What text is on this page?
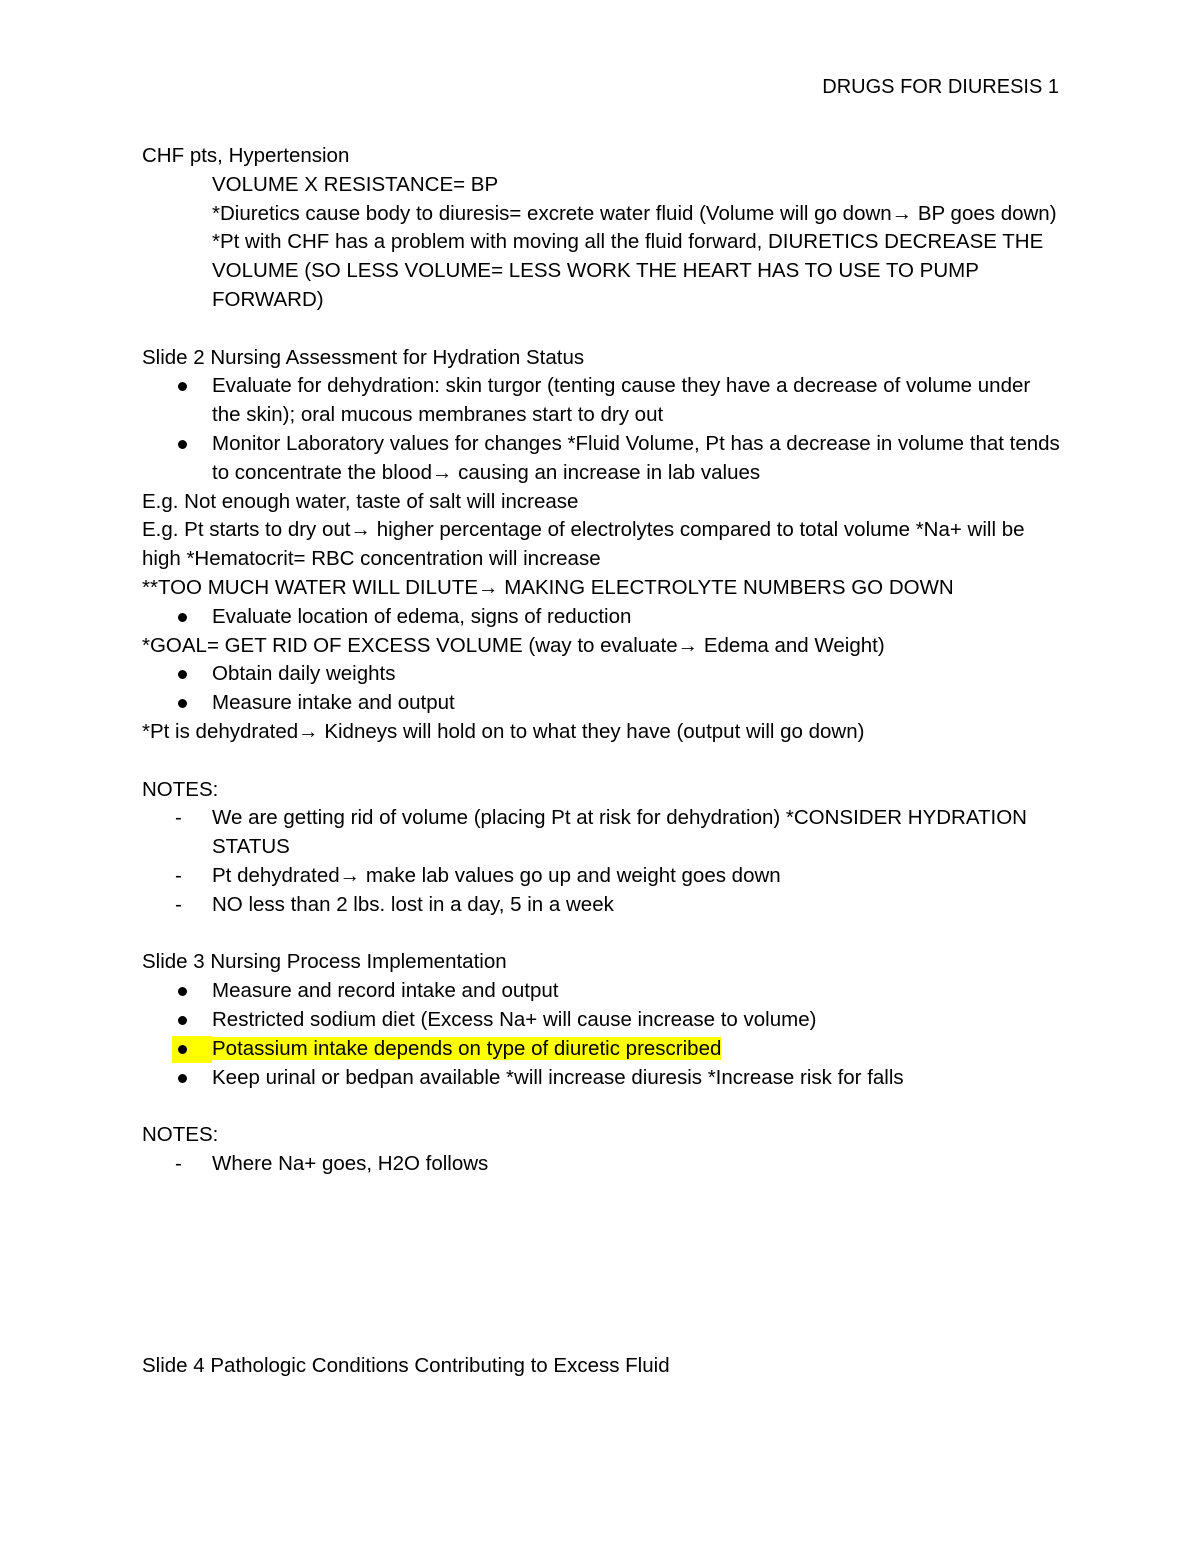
DRUGS FOR DIURESIS 1

CHF pts, Hypertension

VOLUME X RESISTANCE= BP

*Diuretics cause body to diuresis= excrete water fluid (Volume will go down→ BP goes down)

*Pt with CHF has a problem with moving all the fluid forward, DIURETICS DECREASE THE VOLUME (SO LESS VOLUME= LESS WORK THE HEART HAS TO USE TO PUMP FORWARD)

Slide 2 Nursing Assessment for Hydration Status

Evaluate for dehydration: skin turgor (tenting cause they have a decrease of volume under the skin); oral mucous membranes start to dry out
Monitor Laboratory values for changes *Fluid Volume, Pt has a decrease in volume that tends to concentrate the blood→ causing an increase in lab values

E.g. Not enough water, taste of salt will increase

E.g. Pt starts to dry out→ higher percentage of electrolytes compared to total volume *Na+ will be high *Hematocrit= RBC concentration will increase

**TOO MUCH WATER WILL DILUTE→ MAKING ELECTROLYTE NUMBERS GO DOWN

Evaluate location of edema, signs of reduction

*GOAL= GET RID OF EXCESS VOLUME (way to evaluate→ Edema and Weight)

Obtain daily weights
Measure intake and output

*Pt is dehydrated→ Kidneys will hold on to what they have (output will go down)

NOTES:

- We are getting rid of volume (placing Pt at risk for dehydration) *CONSIDER HYDRATION STATUS
- Pt dehydrated→ make lab values go up and weight goes down
- NO less than 2 lbs. lost in a day, 5 in a week

Slide 3 Nursing Process Implementation

Measure and record intake and output
Restricted sodium diet (Excess Na+ will cause increase to volume)
Potassium intake depends on type of diuretic prescribed
Keep urinal or bedpan available *will increase diuresis *Increase risk for falls

NOTES:

- Where Na+ goes, H2O follows

Slide 4 Pathologic Conditions Contributing to Excess Fluid
